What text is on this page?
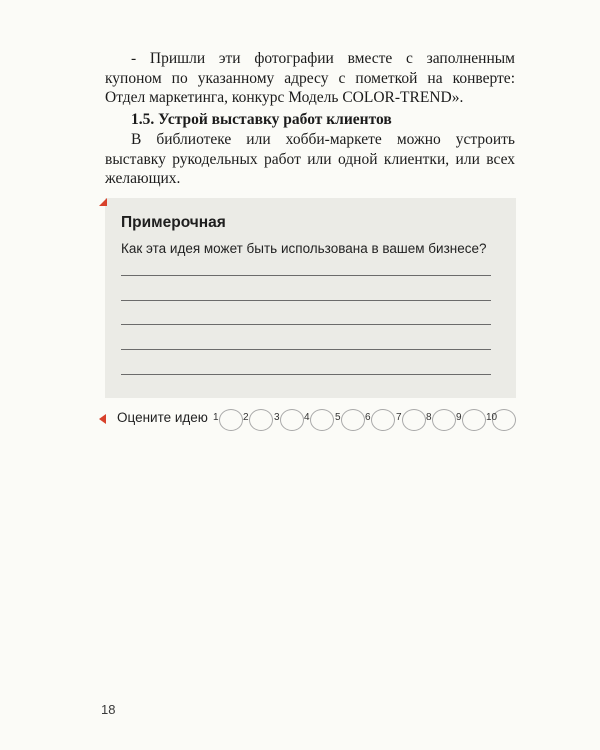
- Пришли эти фотографии вместе с заполненным купоном по указанному адресу с пометкой на конверте: Отдел маркетинга, конкурс Модель COLOR-TREND».

1.5. Устрой выставку работ клиентов

В библиотеке или хобби-маркете можно устроить выставку рукодельных работ или одной клиентки, или всех желающих.

Примерочная

Как эта идея может быть использована в вашем бизнесе?

Оцените идею 1 2	3 4	5 6	7 8 9 10

18
